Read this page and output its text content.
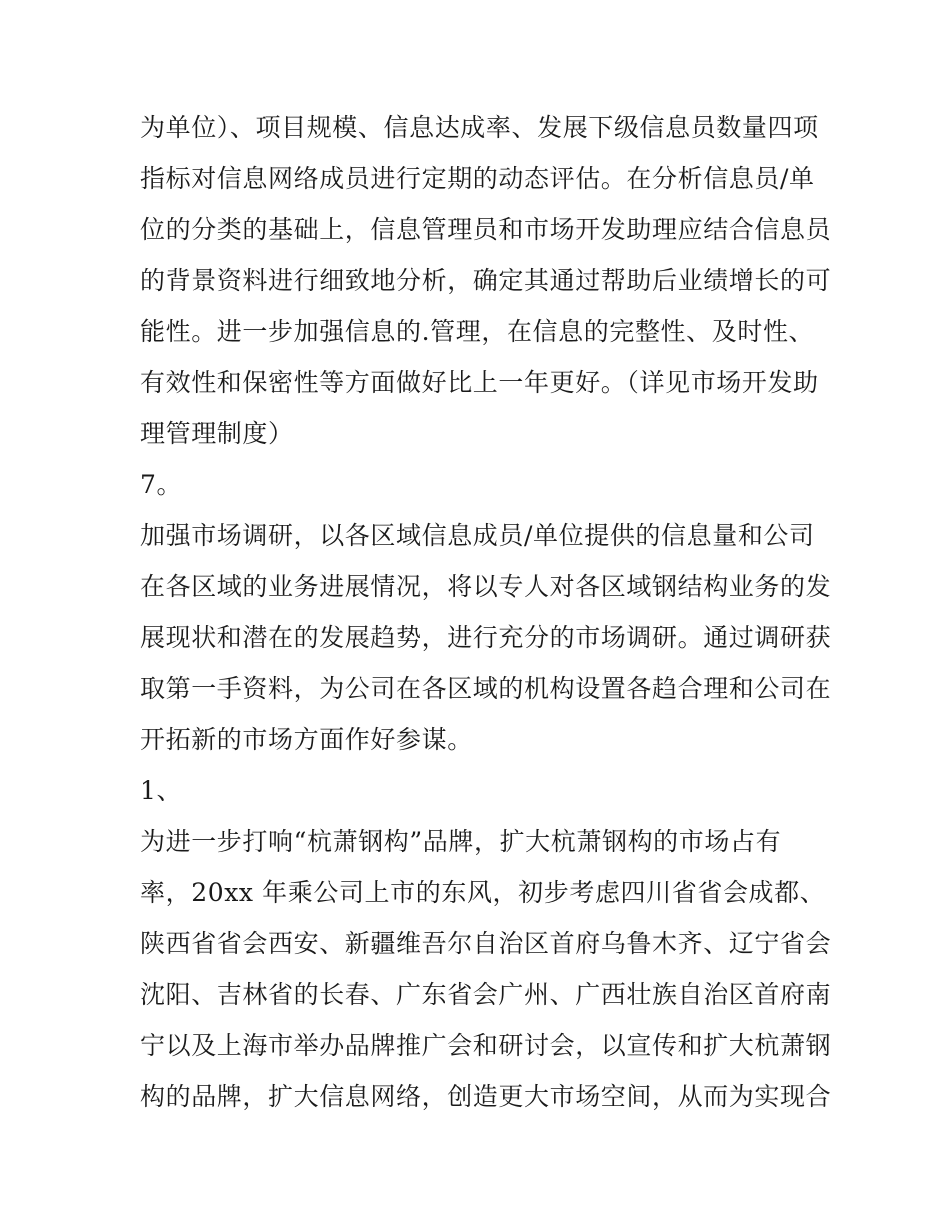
为单位）、项目规模、信息达成率、发展下级信息员数量四项
指标对信息网络成员进行定期的动态评估。在分析信息员/单
位的分类的基础上，信息管理员和市场开发助理应结合信息员
的背景资料进行细致地分析，确定其通过帮助后业绩增长的可
能性。进一步加强信息的.管理，在信息的完整性、及时性、
有效性和保密性等方面做好比上一年更好。（详见市场开发助
理管理制度）
7。
加强市场调研，以各区域信息成员/单位提供的信息量和公司
在各区域的业务进展情况，将以专人对各区域钢结构业务的发
展现状和潜在的发展趋势，进行充分的市场调研。通过调研获
取第一手资料，为公司在各区域的机构设置各趋合理和公司在
开拓新的市场方面作好参谋。
1、
为进一步打响“杭萧钢构”品牌，扩大杭萧钢构的市场占有
率，20xx 年乘公司上市的东风，初步考虑四川省省会成都、
陕西省省会西安、新疆维吾尔自治区首府乌鲁木齐、辽宁省会
沈阳、吉林省的长春、广东省会广州、广西壮族自治区首府南
宁以及上海市举办品牌推广会和研讨会，以宣传和扩大杭萧钢
构的品牌，扩大信息网络，创造更大市场空间，从而为实现合
